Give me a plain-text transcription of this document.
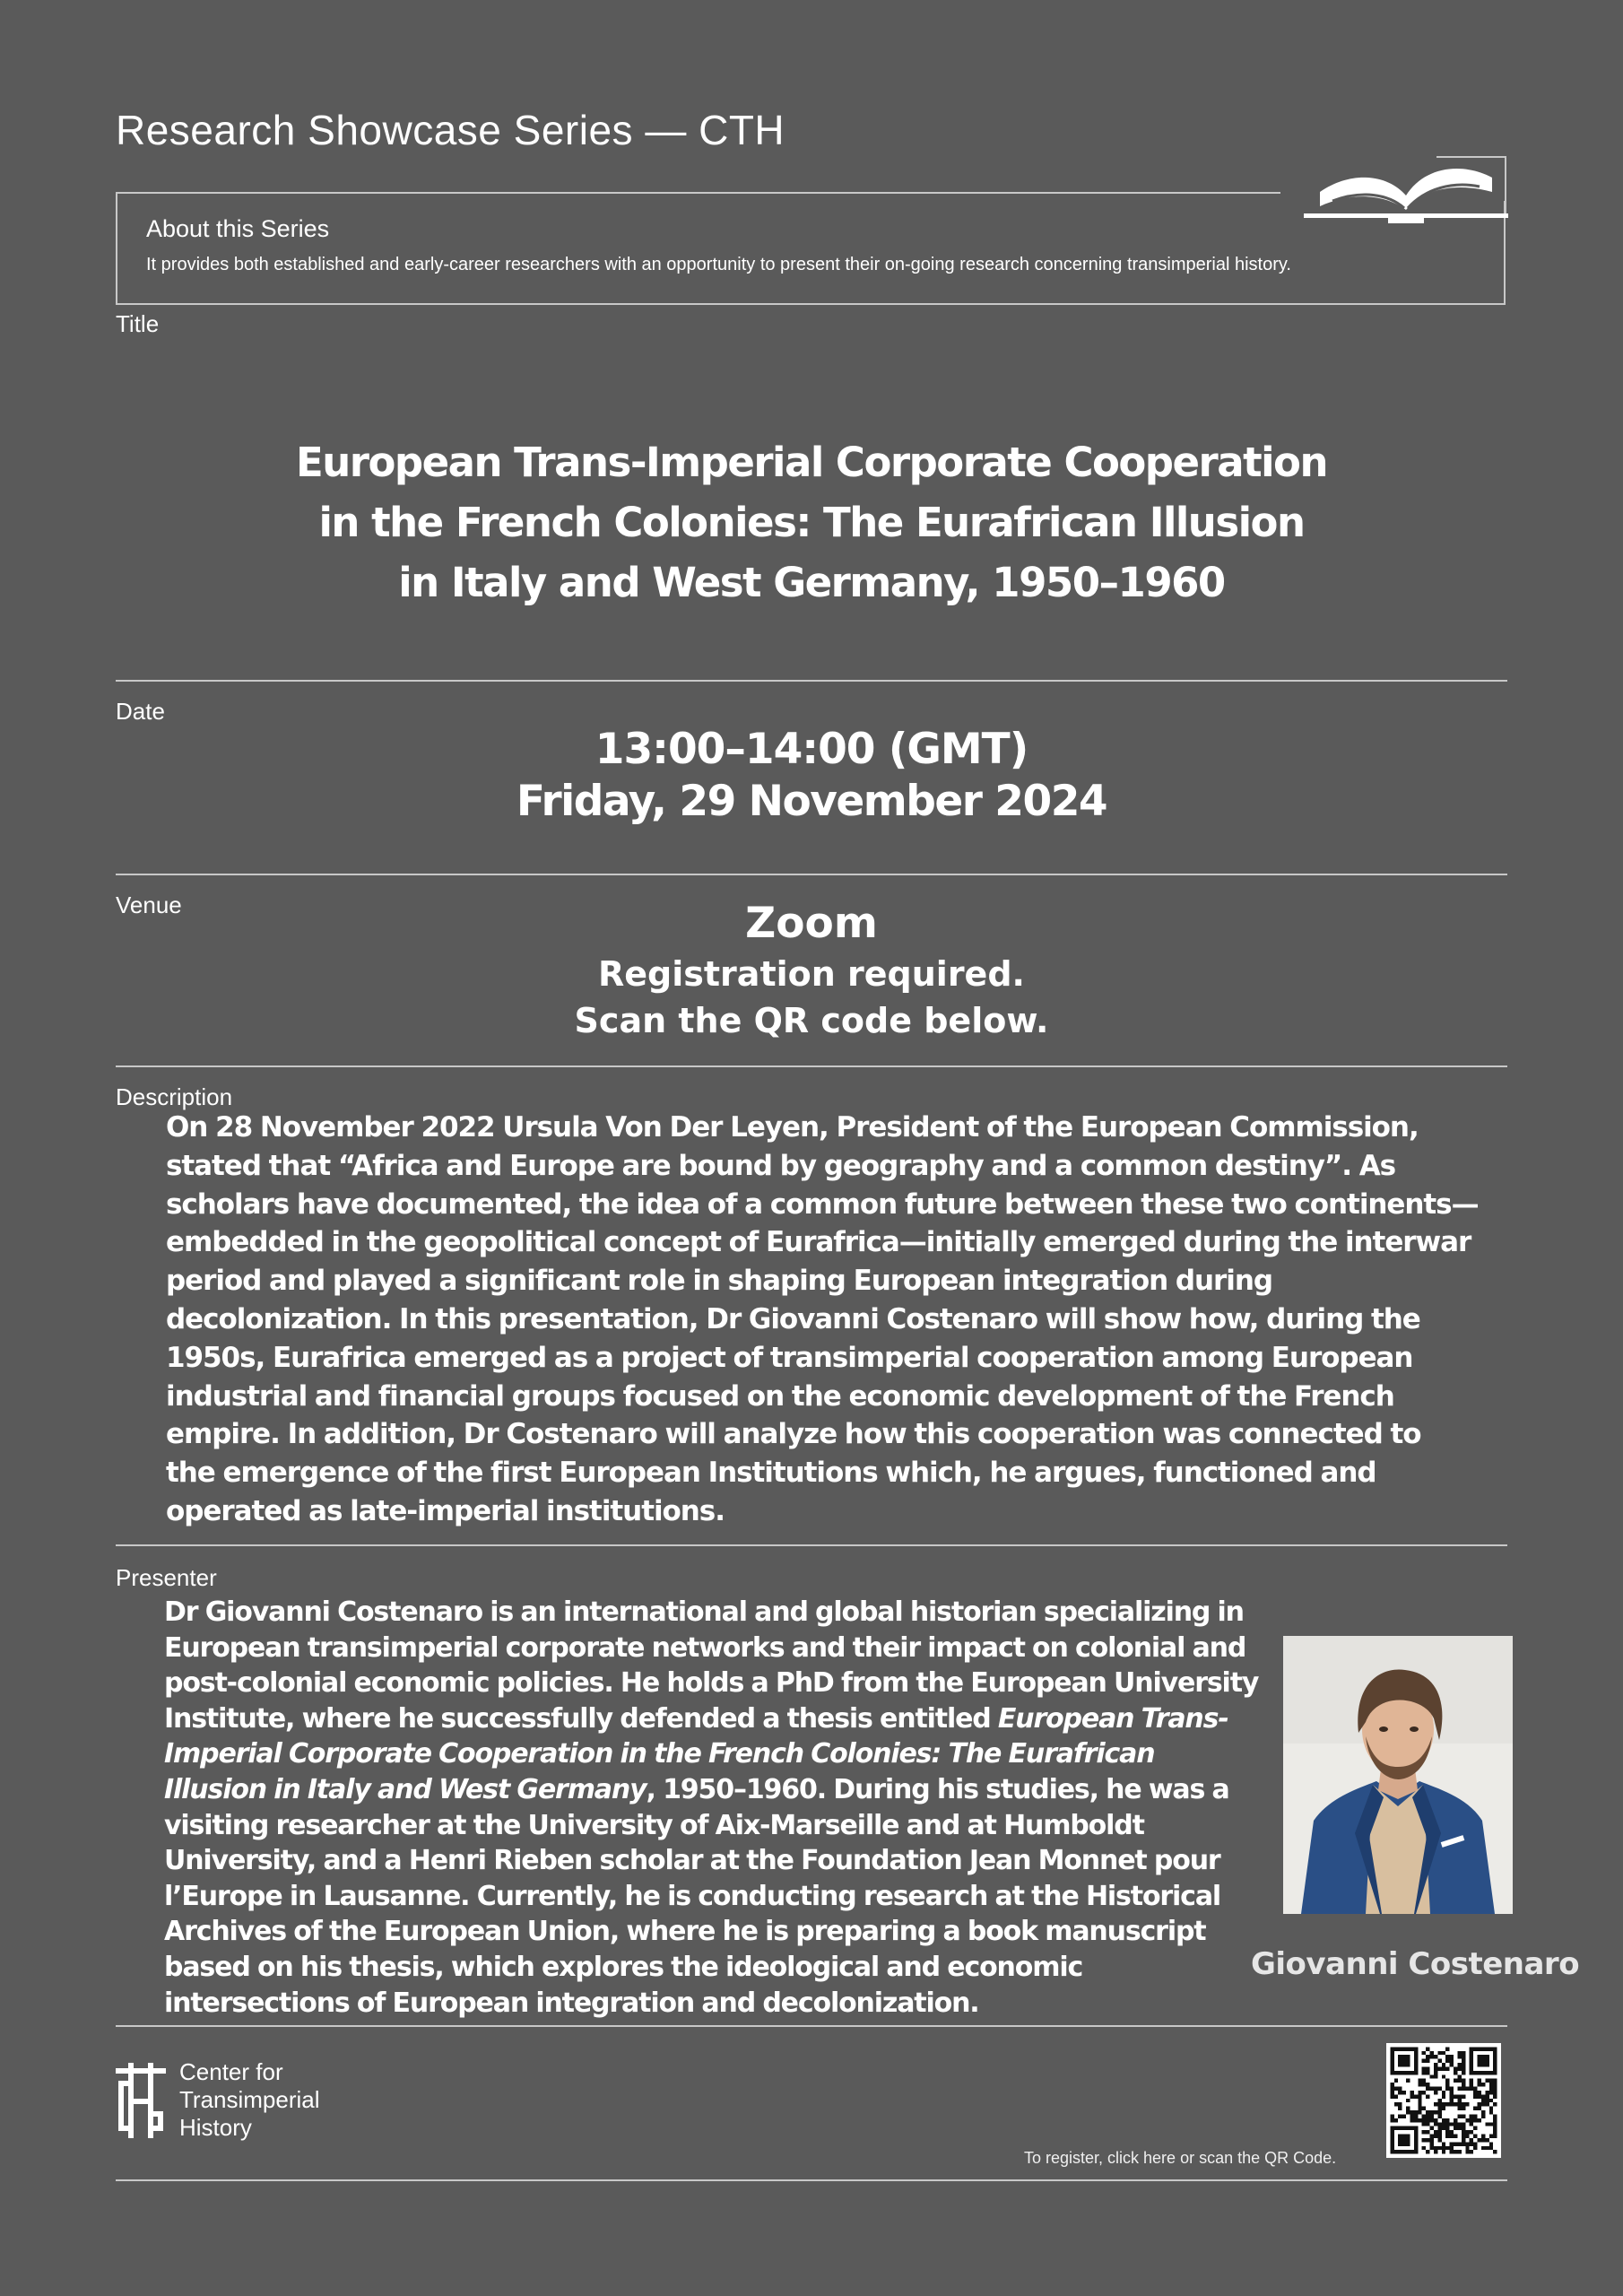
Research Showcase Series — CTH
About this Series
It provides both established and early-career researchers with an opportunity to present their on-going research concerning transimperial history.
Title
European Trans-Imperial Corporate Cooperation
in the French Colonies: The Eurafrican Illusion
in Italy and West Germany, 1950–1960
Date
13:00–14:00 (GMT)
Friday, 29 November 2024
Venue	Zoom
Registration required.
Scan the QR code below.
Description
On 28 November 2022 Ursula Von Der Leyen, President of the European Commission,
stated that “Africa and Europe are bound by geography and a common destiny”. As
scholars have documented, the idea of a common future between these two continents—
embedded in the geopolitical concept of Eurafrica—initially emerged during the interwar
period and played a significant role in shaping European integration during
decolonization. In this presentation, Dr Giovanni Costenaro will show how, during the
1950s, Eurafrica emerged as a project of transimperial cooperation among European
industrial and financial groups focused on the economic development of the French
empire. In addition, Dr Costenaro will analyze how this cooperation was connected to
the emergence of the first European Institutions which, he argues, functioned and
operated as late-imperial institutions.
Presenter
Dr Giovanni Costenaro is an international and global historian specializing in
European transimperial corporate networks and their impact on colonial and
post-colonial economic policies. He holds a PhD from the European University
Institute, where he successfully defended a thesis entitled European Trans-
Imperial Corporate Cooperation in the French Colonies: The Eurafrican
Illusion in Italy and West Germany, 1950–1960. During his studies, he was a
visiting researcher at the University of Aix-Marseille and at Humboldt
University, and a Henri Rieben scholar at the Foundation Jean Monnet pour
l’Europe in Lausanne. Currently, he is conducting research at the Historical
Archives of the European Union, where he is preparing a book manuscript
based on his thesis, which explores the ideological and economic
intersections of European integration and decolonization.
Giovanni Costenaro
Center for
Transimperial
History
To register, click here or scan the QR Code.
